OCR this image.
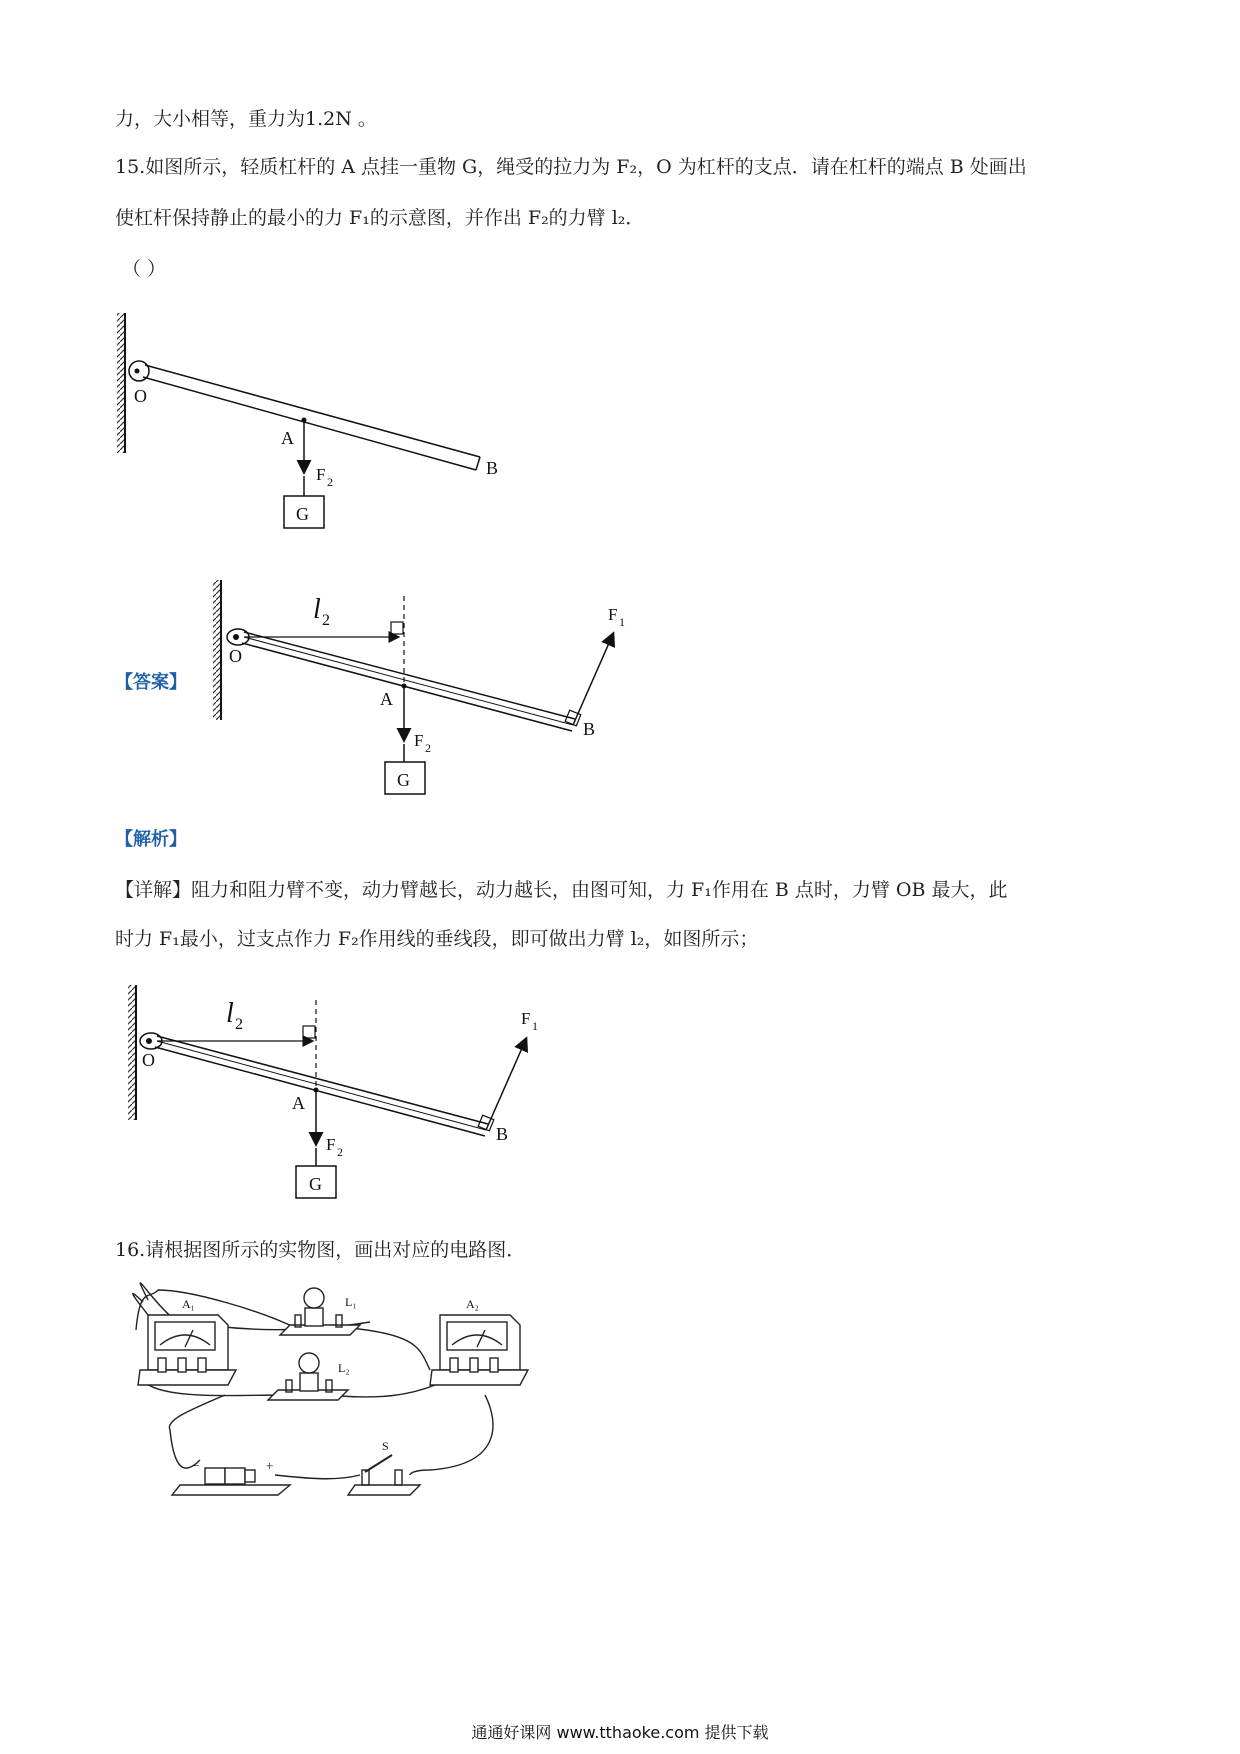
力，大小相等，重力为1.2N 。
15.如图所示，轻质杠杆的 A 点挂一重物 G，绳受的拉力为 F₂，O 为杠杆的支点．请在杠杆的端点 B 处画出
使杠杆保持静止的最小的力 F₁的示意图，并作出 F₂的力臂 l₂．
（ ）
【答案】
【解析】
【详解】阻力和阻力臂不变，动力臂越长，动力越长，由图可知，力 F₁作用在 B 点时，力臂 OB 最大，此
时力 F₁最小，过支点作力 F₂作用线的垂线段，即可做出力臂 l₂，如图所示；
16.请根据图所示的实物图，画出对应的电路图．
O
A
B
G
F 2
l 2
O
A
B
G
F 2
F 1
l 2
O
A
B
G
F 2
F 1
A₁	A₂
L₁
L₂
S
−	+
通通好课网 www.tthaoke.com 提供下载
